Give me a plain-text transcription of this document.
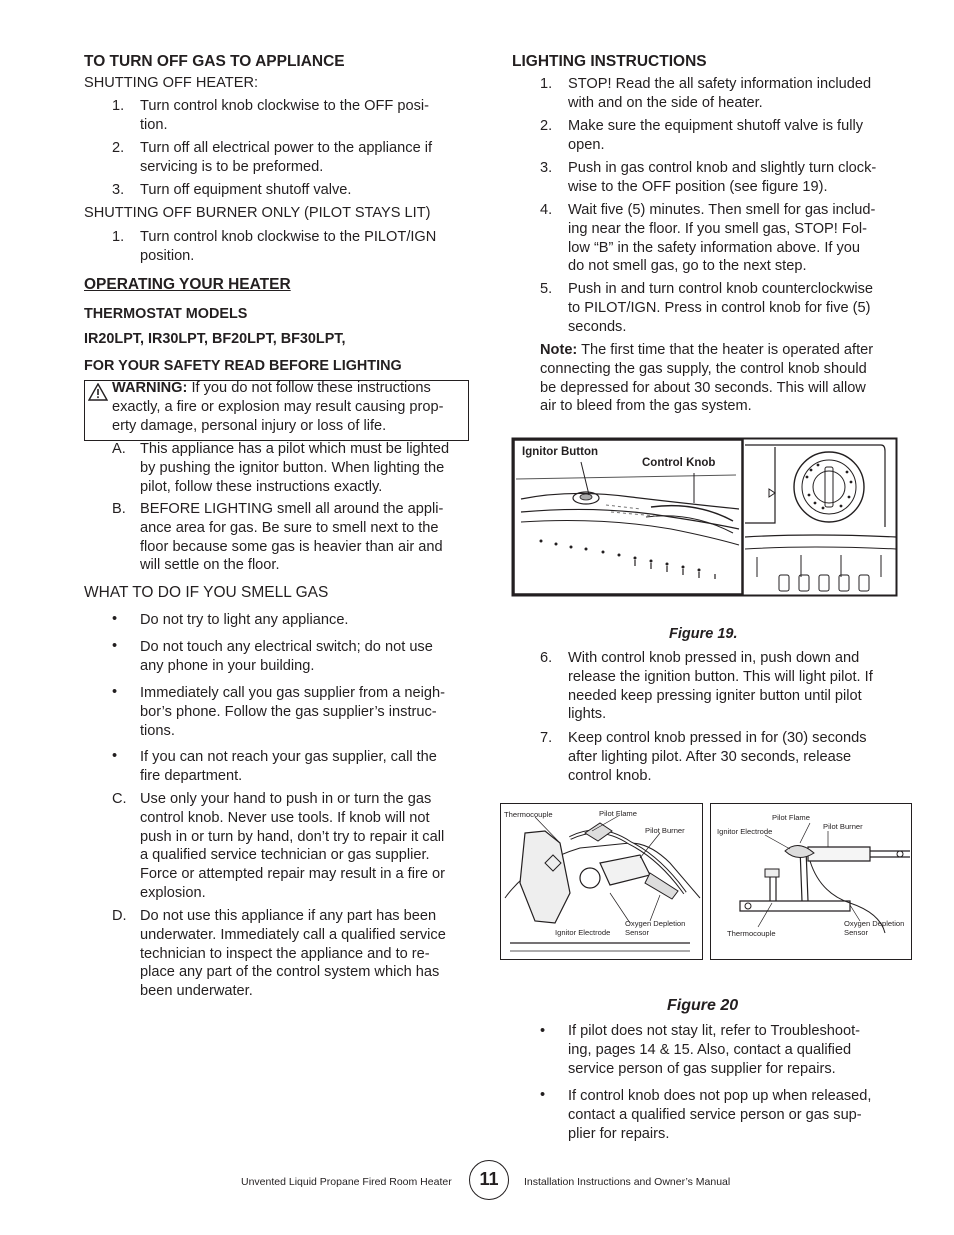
TO TURN OFF GAS TO APPLIANCE
SHUTTING OFF HEATER:
1. Turn control knob clockwise to the OFF posi-
tion.
2. Turn off all electrical power to the appliance if
servicing is to be preformed.
3. Turn off equipment shutoff valve.
SHUTTING OFF BURNER ONLY (PILOT STAYS LIT)
1. Turn control knob clockwise to the PILOT/IGN
position.
OPERATING YOUR HEATER
THERMOSTAT MODELS
IR20LPT, IR30LPT, BF20LPT, BF30LPT,
FOR YOUR SAFETY READ BEFORE LIGHTING
WARNING: If you do not follow these instructions
exactly, a fire or explosion may result causing prop-
erty damage, personal injury or loss of life.
A. This appliance has a pilot which must be lighted
by pushing the ignitor button. When lighting the
pilot, follow these instructions exactly.
B. BEFORE LIGHTING smell all around the appli-
ance area for gas. Be sure to smell next to the
floor because some gas is heavier than air and
will settle on the floor.
WHAT TO DO IF YOU SMELL GAS
• Do not try to light any appliance.
• Do not touch any electrical switch; do not use
any phone in your building.
• Immediately call you gas supplier from a neigh-
bor’s phone. Follow the gas supplier’s instruc-
tions.
• If you can not reach your gas supplier, call the
fire department.
C. Use only your hand to push in or turn the gas
control knob. Never use tools. If knob will not
push in or turn by hand, don’t try to repair it call
a qualified service technician or gas supplier.
Force or attempted repair may result in a fire or
explosion.
D. Do not use this appliance if any part has been
underwater. Immediately call a qualified service
technician to inspect the appliance and to re-
place any part of the control system which has
been underwater.
LIGHTING INSTRUCTIONS
1. STOP! Read the all safety information included
with and on the side of heater.
2. Make sure the equipment shutoff valve is fully
open.
3. Push in gas control knob and slightly turn clock-
wise to the OFF position (see figure 19).
4. Wait five (5) minutes. Then smell for gas includ-
ing near the floor. If you smell gas, STOP! Fol-
low “B” in the safety information above. If you
do not smell gas, go to the next step.
5. Push in and turn control knob counterclockwise
to PILOT/IGN. Press in control knob for five (5)
seconds.
Note: The first time that the heater is operated after
connecting the gas supply, the control knob should
be depressed for about 30 seconds. This will allow
air to bleed from the gas system.
Ignitor Button
Control Knob
Figure 19.
6. With control knob pressed in, push down and
release the ignition button. This will light pilot. If
needed keep pressing igniter button until pilot
lights.
7. Keep control knob pressed in for (30) seconds
after lighting pilot. After 30 seconds, release
control knob.
Thermocouple	Pilot Flame
Pilot Burner
Ignitor Electrode
Oxygen Depletion
Sensor
Pilot Flame
Pilot Burner
Ignitor Electrode
Thermocouple
Oxygen Depletion
Sensor
Figure 20
• If pilot does not stay lit, refer to Troubleshoot-
ing, pages 14 & 15. Also, contact a qualified
service person of gas supplier for repairs.
• If control knob does not pop up when released,
contact a qualified service person or gas sup-
plier for repairs.
Unvented Liquid Propane Fired Room Heater	11	Installation Instructions and Owner’s Manual
